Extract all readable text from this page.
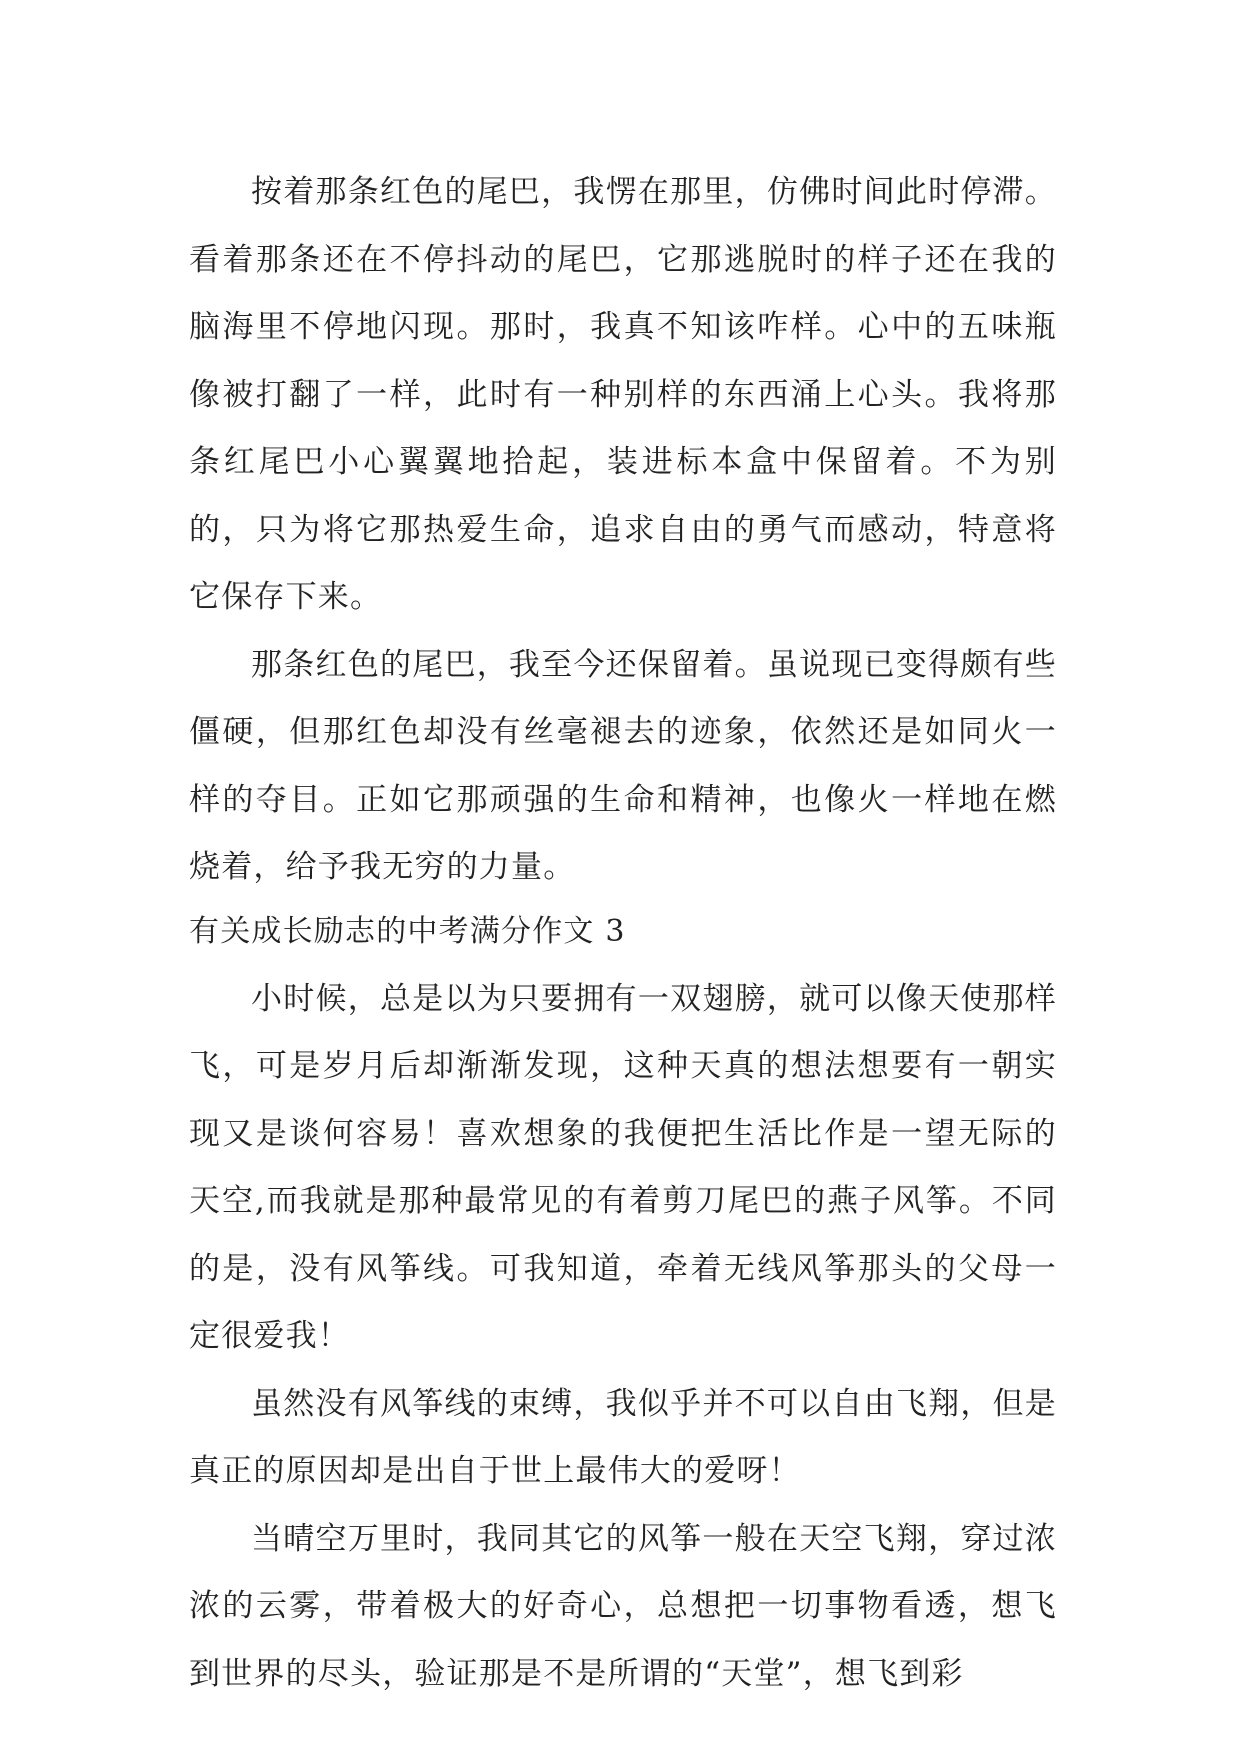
按着那条红色的尾巴，我愣在那里，仿佛时间此时停滞。看着那条还在不停抖动的尾巴，它那逃脱时的样子还在我的脑海里不停地闪现。那时，我真不知该咋样。心中的五味瓶像被打翻了一样，此时有一种别样的东西涌上心头。我将那条红尾巴小心翼翼地拾起，装进标本盒中保留着。不为别的，只为将它那热爱生命，追求自由的勇气而感动，特意将它保存下来。

那条红色的尾巴，我至今还保留着。虽说现已变得颇有些僵硬，但那红色却没有丝毫褪去的迹象，依然还是如同火一样的夺目。正如它那顽强的生命和精神，也像火一样地在燃烧着，给予我无穷的力量。

有关成长励志的中考满分作文 3

小时候，总是以为只要拥有一双翅膀，就可以像天使那样飞，可是岁月后却渐渐发现，这种天真的想法想要有一朝实现又是谈何容易！喜欢想象的我便把生活比作是一望无际的天空,而我就是那种最常见的有着剪刀尾巴的燕子风筝。不同的是，没有风筝线。可我知道，牵着无线风筝那头的父母一定很爱我！

虽然没有风筝线的束缚，我似乎并不可以自由飞翔，但是真正的原因却是出自于世上最伟大的爱呀！

当晴空万里时，我同其它的风筝一般在天空飞翔，穿过浓浓的云雾，带着极大的好奇心，总想把一切事物看透，想飞到世界的尽头，验证那是不是所谓的“天堂”，想飞到彩
